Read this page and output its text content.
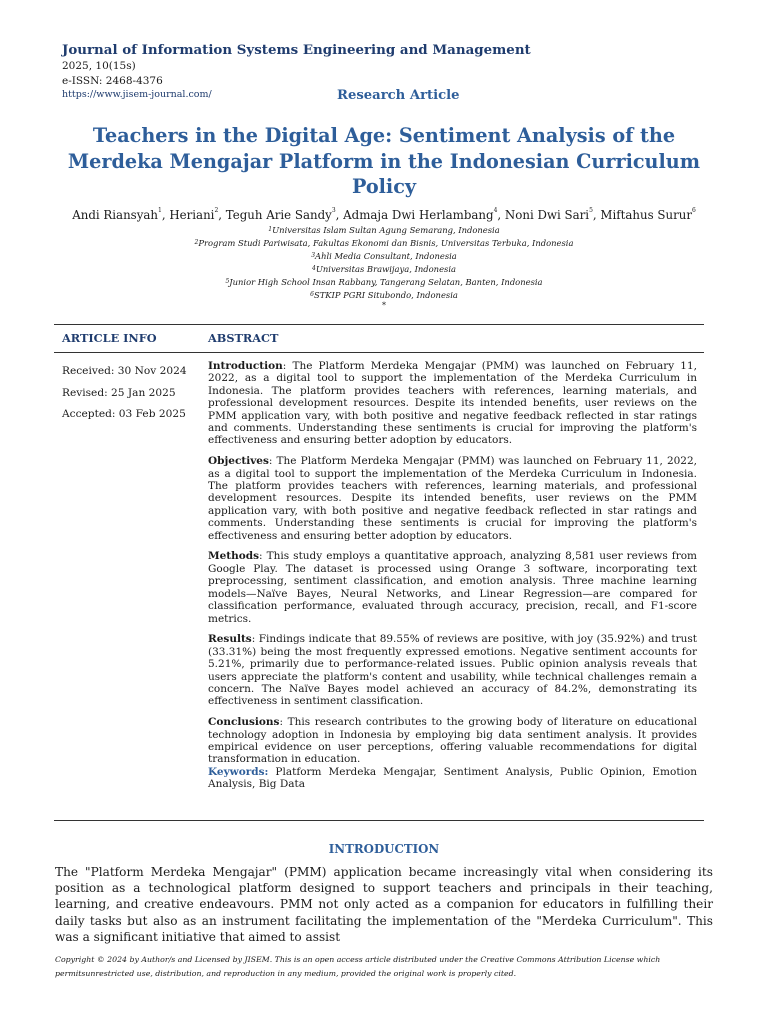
Journal of Information Systems Engineering and Management
2025, 10(15s)
e-ISSN: 2468-4376
https://www.jisem-journal.com/	Research Article
Teachers in the Digital Age: Sentiment Analysis of the Merdeka Mengajar Platform in the Indonesian Curriculum Policy
Andi Riansyah$^1$, Heriani$^2$, Teguh Arie Sandy$^3$, Admaja Dwi Herlambang$^4$, Noni Dwi Sari$^5$, Miftahus Surur$^6$
$^1$Universitas Islam Sultan Agung Semarang, Indonesia
$^2$Program Studi Pariwisata, Fakultas Ekonomi dan Bisnis, Universitas Terbuka, Indonesia
$^3$Ahli Media Consultant, Indonesia
$^4$Universitas Brawijaya, Indonesia
$^5$Junior High School Insan Rabbany, Tangerang Selatan, Banten, Indonesia
$^6$STKIP PGRI Situbondo, Indonesia
*
ARTICLE INFO	ABSTRACT
Received: 30 Nov 2024
Revised: 25 Jan 2025
Accepted: 03 Feb 2025

Introduction: The Platform Merdeka Mengajar (PMM) was launched on February 11, 2022, as a digital tool to support the implementation of the Merdeka Curriculum in Indonesia. The platform provides teachers with references, learning materials, and professional development resources. Despite its intended benefits, user reviews on the PMM application vary, with both positive and negative feedback reflected in star ratings and comments. Understanding these sentiments is crucial for improving the platform's effectiveness and ensuring better adoption by educators.

Objectives: The Platform Merdeka Mengajar (PMM) was launched on February 11, 2022, as a digital tool to support the implementation of the Merdeka Curriculum in Indonesia. The platform provides teachers with references, learning materials, and professional development resources. Despite its intended benefits, user reviews on the PMM application vary, with both positive and negative feedback reflected in star ratings and comments. Understanding these sentiments is crucial for improving the platform's effectiveness and ensuring better adoption by educators.

Methods: This study employs a quantitative approach, analyzing 8,581 user reviews from Google Play. The dataset is processed using Orange 3 software, incorporating text preprocessing, sentiment classification, and emotion analysis. Three machine learning models—Naïve Bayes, Neural Networks, and Linear Regression—are compared for classification performance, evaluated through accuracy, precision, recall, and F1-score metrics.

Results: Findings indicate that 89.55% of reviews are positive, with joy (35.92%) and trust (33.31%) being the most frequently expressed emotions. Negative sentiment accounts for 5.21%, primarily due to performance-related issues. Public opinion analysis reveals that users appreciate the platform's content and usability, while technical challenges remain a concern. The Naïve Bayes model achieved an accuracy of 84.2%, demonstrating its effectiveness in sentiment classification.

Conclusions: This research contributes to the growing body of literature on educational technology adoption in Indonesia by employing big data sentiment analysis. It provides empirical evidence on user perceptions, offering valuable recommendations for digital transformation in education.

Keywords: Platform Merdeka Mengajar, Sentiment Analysis, Public Opinion, Emotion Analysis, Big Data

INTRODUCTION
The "Platform Merdeka Mengajar" (PMM) application became increasingly vital when considering its position as a technological platform designed to support teachers and principals in their teaching, learning, and creative endeavours. PMM not only acted as a companion for educators in fulfilling their daily tasks but also as an instrument facilitating the implementation of the "Merdeka Curriculum". This was a significant initiative that aimed to assist
Copyright © 2024 by Author/s and Licensed by JISEM. This is an open access article distributed under the Creative Commons Attribution License which permitsunrestricted use, distribution, and reproduction in any medium, provided the original work is properly cited.
